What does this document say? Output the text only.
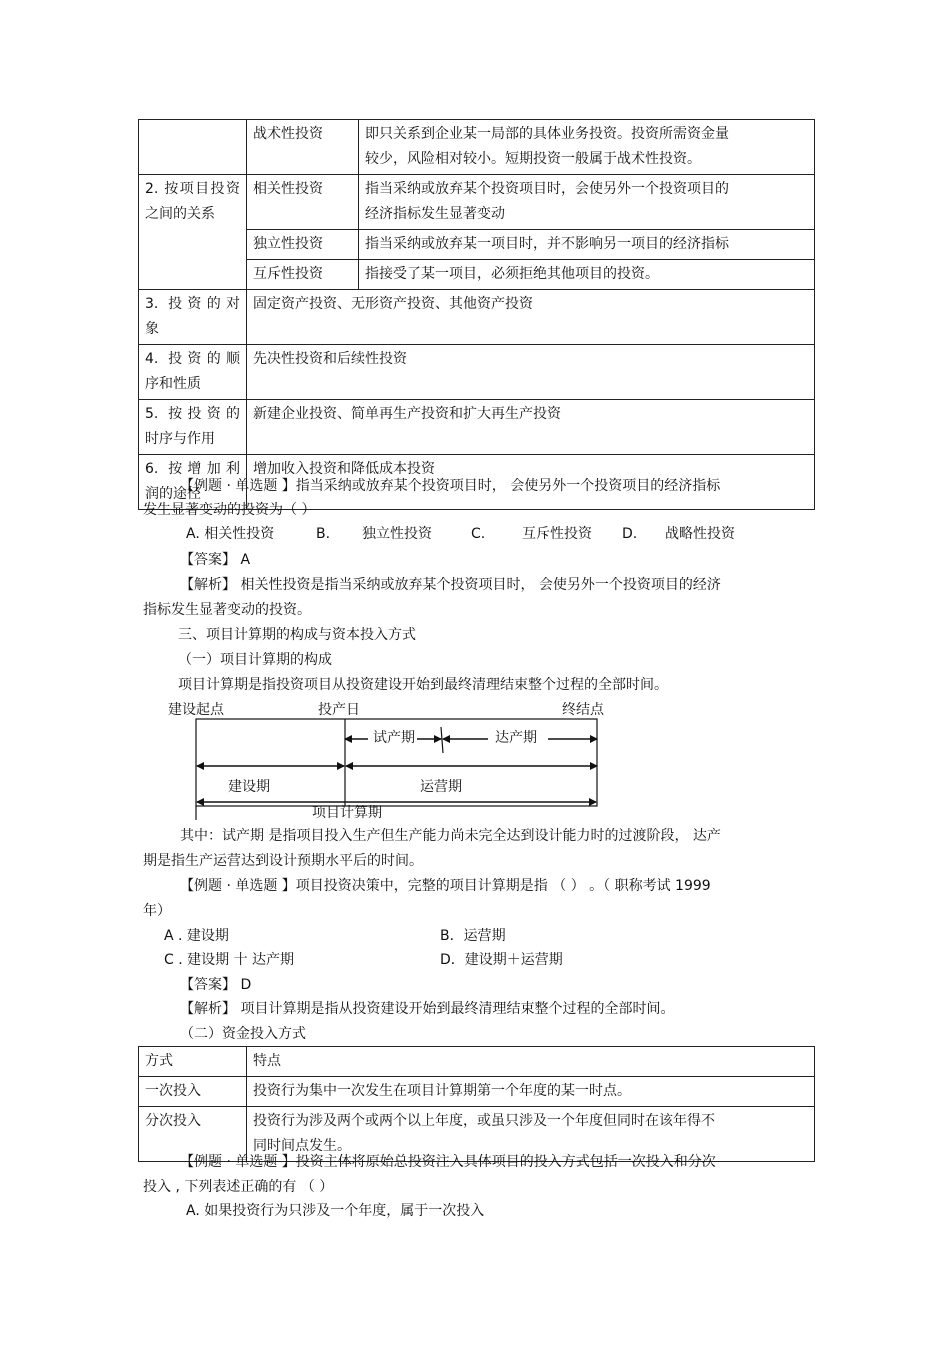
	战术性投资	即只关系到企业某一局部的具体业务投资。投资所需资金量
较少，风险相对较小。短期投资一般属于战术性投资。

2. 按项目投资之间的关系	相关性投资	指当采纳或放弃某个投资项目时，会使另外一个投资项目的
经济指标发生显著变动

	独立性投资	指当采纳或放弃某一项目时，并不影响另一项目的经济指标
	互斥性投资	指接受了某一项目，必须拒绝其他项目的投资。

3. 投资的对
象	固定资产投资、无形资产投资、其他资产投资	

4. 投资的顺
序和性质	先决性投资和后续性投资	

5. 按投资的
时序与作用	新建企业投资、简单再生产投资和扩大再生产投资	

6. 按增加利
润的途径	增加收入投资和降低成本投资	
【例题 · 单选题 】指当采纳或放弃某个投资项目时， 会使另外一个投资项目的经济指标
发生显著变动的投资为（ ）
A. 相关性投资	B. 独立性投资	C.	互斥性投资 D. 战略性投资
【答案】 A
【解析】 相关性投资是指当采纳或放弃某个投资项目时， 会使另外一个投资项目的经济
指标发生显著变动的投资。
三、项目计算期的构成与资本投入方式
（一）项目计算期的构成
项目计算期是指投资项目从投资建设开始到最终清理结束整个过程的全部时间。
建设起点	投产日	终结点
试产期	达产期
建设期	运营期
项目计算期
其中：试产期 是指项目投入生产但生产能力尚未完全达到设计能力时的过渡阶段， 达产
期是指生产运营达到设计预期水平后的时间。
【例题 · 单选题 】项目投资决策中，完整的项目计算期是指 （ ） 。（ 职称考试 1999
年）
A . 建设期	B．运营期
C . 建设期 十 达产期	D．建设期＋运营期
【答案】 D
【解析】 项目计算期是指从投资建设开始到最终清理结束整个过程的全部时间。
（二）资金投入方式
方式	特点
一次投入	投资行为集中一次发生在项目计算期第一个年度的某一时点。
分次投入	投资行为涉及两个或两个以上年度，或虽只涉及一个年度但同时在该年得不
同时间点发生。
【例题 · 单选题 】投资主体将原始总投资注入具体项目的投入方式包括一次投入和分次
投入 , 下列表述正确的有 （ ）
A. 如果投资行为只涉及一个年度，属于一次投入
